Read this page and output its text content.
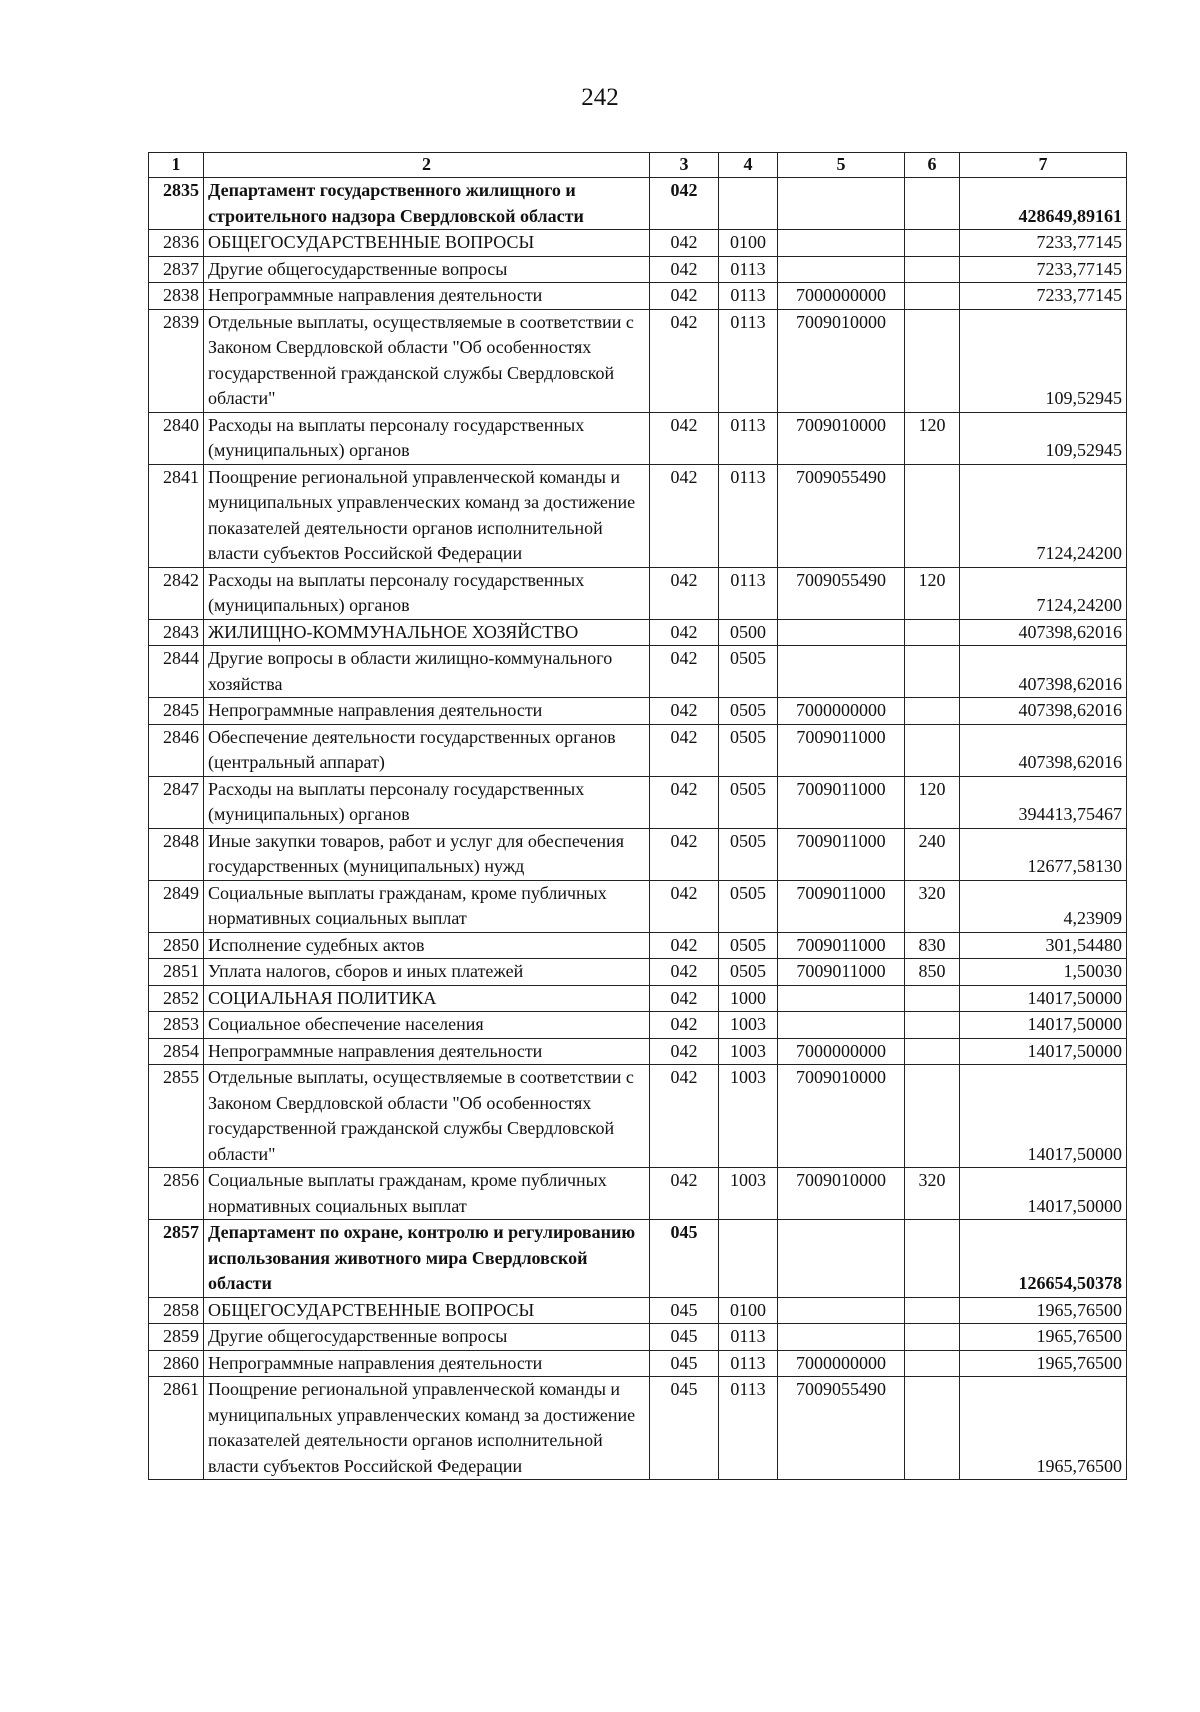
242
1	2	3	4	5	6	7
2835	Департамент государственного жилищного и строительного надзора Свердловской области	042				428649,89161
2836	ОБЩЕГОСУДАРСТВЕННЫЕ ВОПРОСЫ	042	0100			7233,77145
2837	Другие общегосударственные вопросы	042	0113			7233,77145
2838	Непрограммные направления деятельности	042	0113	7000000000		7233,77145
2839	Отдельные выплаты, осуществляемые в соответствии с Законом Свердловской области "Об особенностях государственной гражданской службы Свердловской области"	042	0113	7009010000		109,52945
2840	Расходы на выплаты персоналу государственных (муниципальных) органов	042	0113	7009010000	120	109,52945
2841	Поощрение региональной управленческой команды и муниципальных управленческих команд за достижение показателей деятельности органов исполнительной власти субъектов Российской Федерации	042	0113	7009055490		7124,24200
2842	Расходы на выплаты персоналу государственных (муниципальных) органов	042	0113	7009055490	120	7124,24200
2843	ЖИЛИЩНО-КОММУНАЛЬНОЕ ХОЗЯЙСТВО	042	0500			407398,62016
2844	Другие вопросы в области жилищно-коммунального хозяйства	042	0505			407398,62016
2845	Непрограммные направления деятельности	042	0505	7000000000		407398,62016
2846	Обеспечение деятельности государственных органов (центральный аппарат)	042	0505	7009011000		407398,62016
2847	Расходы на выплаты персоналу государственных (муниципальных) органов	042	0505	7009011000	120	394413,75467
2848	Иные закупки товаров, работ и услуг для обеспечения государственных (муниципальных) нужд	042	0505	7009011000	240	12677,58130
2849	Социальные выплаты гражданам, кроме публичных нормативных социальных выплат	042	0505	7009011000	320	4,23909
2850	Исполнение судебных актов	042	0505	7009011000	830	301,54480
2851	Уплата налогов, сборов и иных платежей	042	0505	7009011000	850	1,50030
2852	СОЦИАЛЬНАЯ ПОЛИТИКА	042	1000			14017,50000
2853	Социальное обеспечение населения	042	1003			14017,50000
2854	Непрограммные направления деятельности	042	1003	7000000000		14017,50000
2855	Отдельные выплаты, осуществляемые в соответствии с Законом Свердловской области "Об особенностях государственной гражданской службы Свердловской области"	042	1003	7009010000		14017,50000
2856	Социальные выплаты гражданам, кроме публичных нормативных социальных выплат	042	1003	7009010000	320	14017,50000
2857	Департамент по охране, контролю и регулированию использования животного мира Свердловской области	045				126654,50378
2858	ОБЩЕГОСУДАРСТВЕННЫЕ ВОПРОСЫ	045	0100			1965,76500
2859	Другие общегосударственные вопросы	045	0113			1965,76500
2860	Непрограммные направления деятельности	045	0113	7000000000		1965,76500
2861	Поощрение региональной управленческой команды и муниципальных управленческих команд за достижение показателей деятельности органов исполнительной власти субъектов Российской Федерации	045	0113	7009055490		1965,76500
